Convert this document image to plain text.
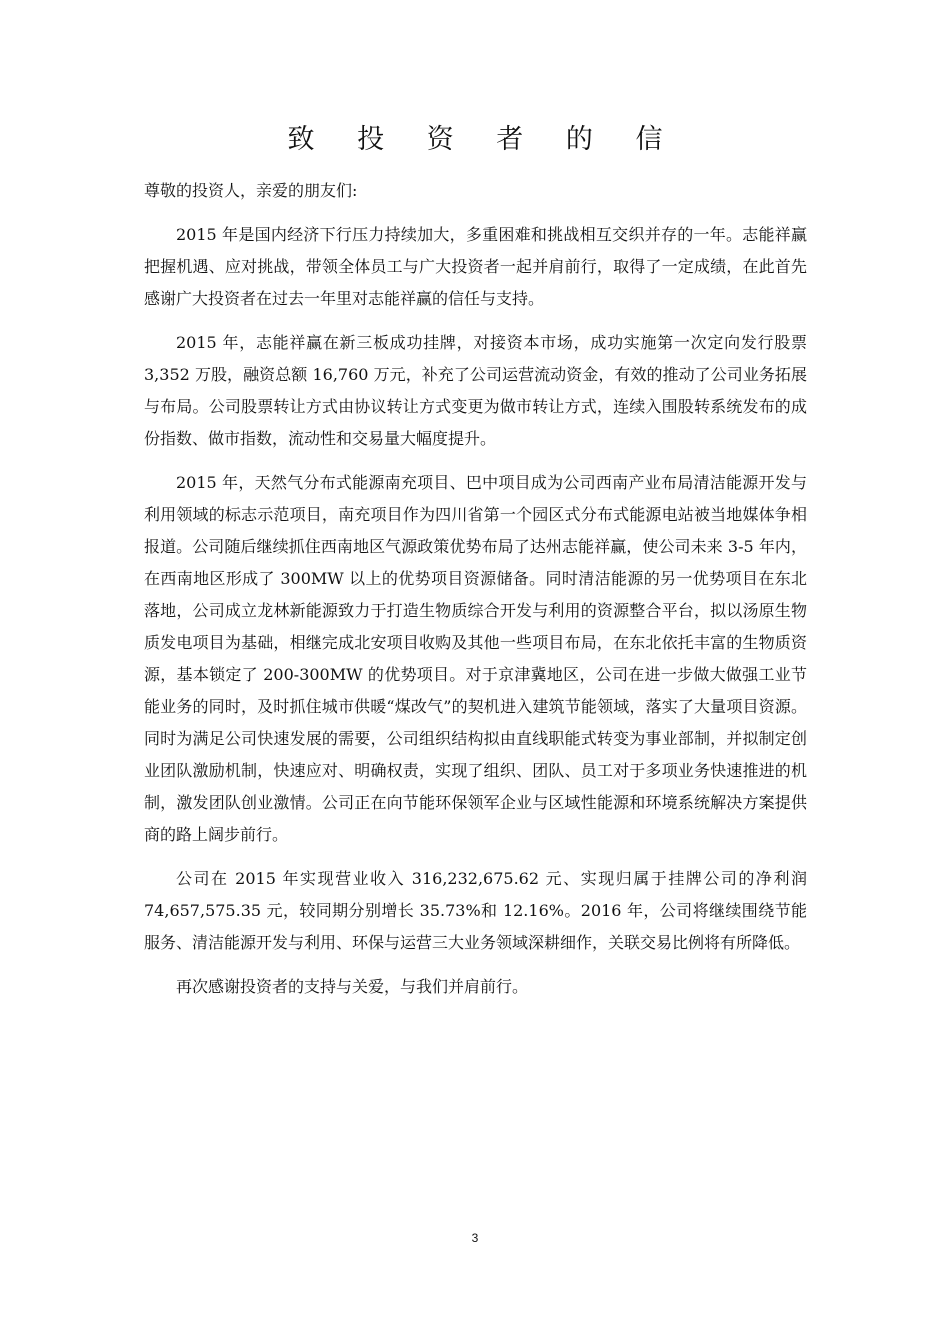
致 投 资 者 的 信

尊敬的投资人，亲爱的朋友们:

2015 年是国内经济下行压力持续加大，多重困难和挑战相互交织并存的一年。志能祥赢把握机遇、应对挑战，带领全体员工与广大投资者一起并肩前行，取得了一定成绩，在此首先感谢广大投资者在过去一年里对志能祥赢的信任与支持。

2015 年，志能祥赢在新三板成功挂牌，对接资本市场，成功实施第一次定向发行股票 3,352 万股，融资总额 16,760 万元，补充了公司运营流动资金，有效的推动了公司业务拓展与布局。公司股票转让方式由协议转让方式变更为做市转让方式，连续入围股转系统发布的成份指数、做市指数，流动性和交易量大幅度提升。

2015 年，天然气分布式能源南充项目、巴中项目成为公司西南产业布局清洁能源开发与利用领域的标志示范项目，南充项目作为四川省第一个园区式分布式能源电站被当地媒体争相报道。公司随后继续抓住西南地区气源政策优势布局了达州志能祥赢，使公司未来 3-5 年内，在西南地区形成了 300MW 以上的优势项目资源储备。同时清洁能源的另一优势项目在东北落地，公司成立龙林新能源致力于打造生物质综合开发与利用的资源整合平台，拟以汤原生物质发电项目为基础，相继完成北安项目收购及其他一些项目布局，在东北依托丰富的生物质资源，基本锁定了 200-300MW 的优势项目。对于京津冀地区，公司在进一步做大做强工业节能业务的同时，及时抓住城市供暖“煤改气”的契机进入建筑节能领域，落实了大量项目资源。同时为满足公司快速发展的需要，公司组织结构拟由直线职能式转变为事业部制，并拟制定创业团队激励机制，快速应对、明确权责，实现了组织、团队、员工对于多项业务快速推进的机制，激发团队创业激情。公司正在向节能环保领军企业与区域性能源和环境系统解决方案提供商的路上阔步前行。

公司在 2015 年实现营业收入 316,232,675.62 元、实现归属于挂牌公司的净利润 74,657,575.35 元，较同期分别增长 35.73%和 12.16%。2016 年，公司将继续围绕节能服务、清洁能源开发与利用、环保与运营三大业务领域深耕细作，关联交易比例将有所降低。

再次感谢投资者的支持与关爱，与我们并肩前行。

3
